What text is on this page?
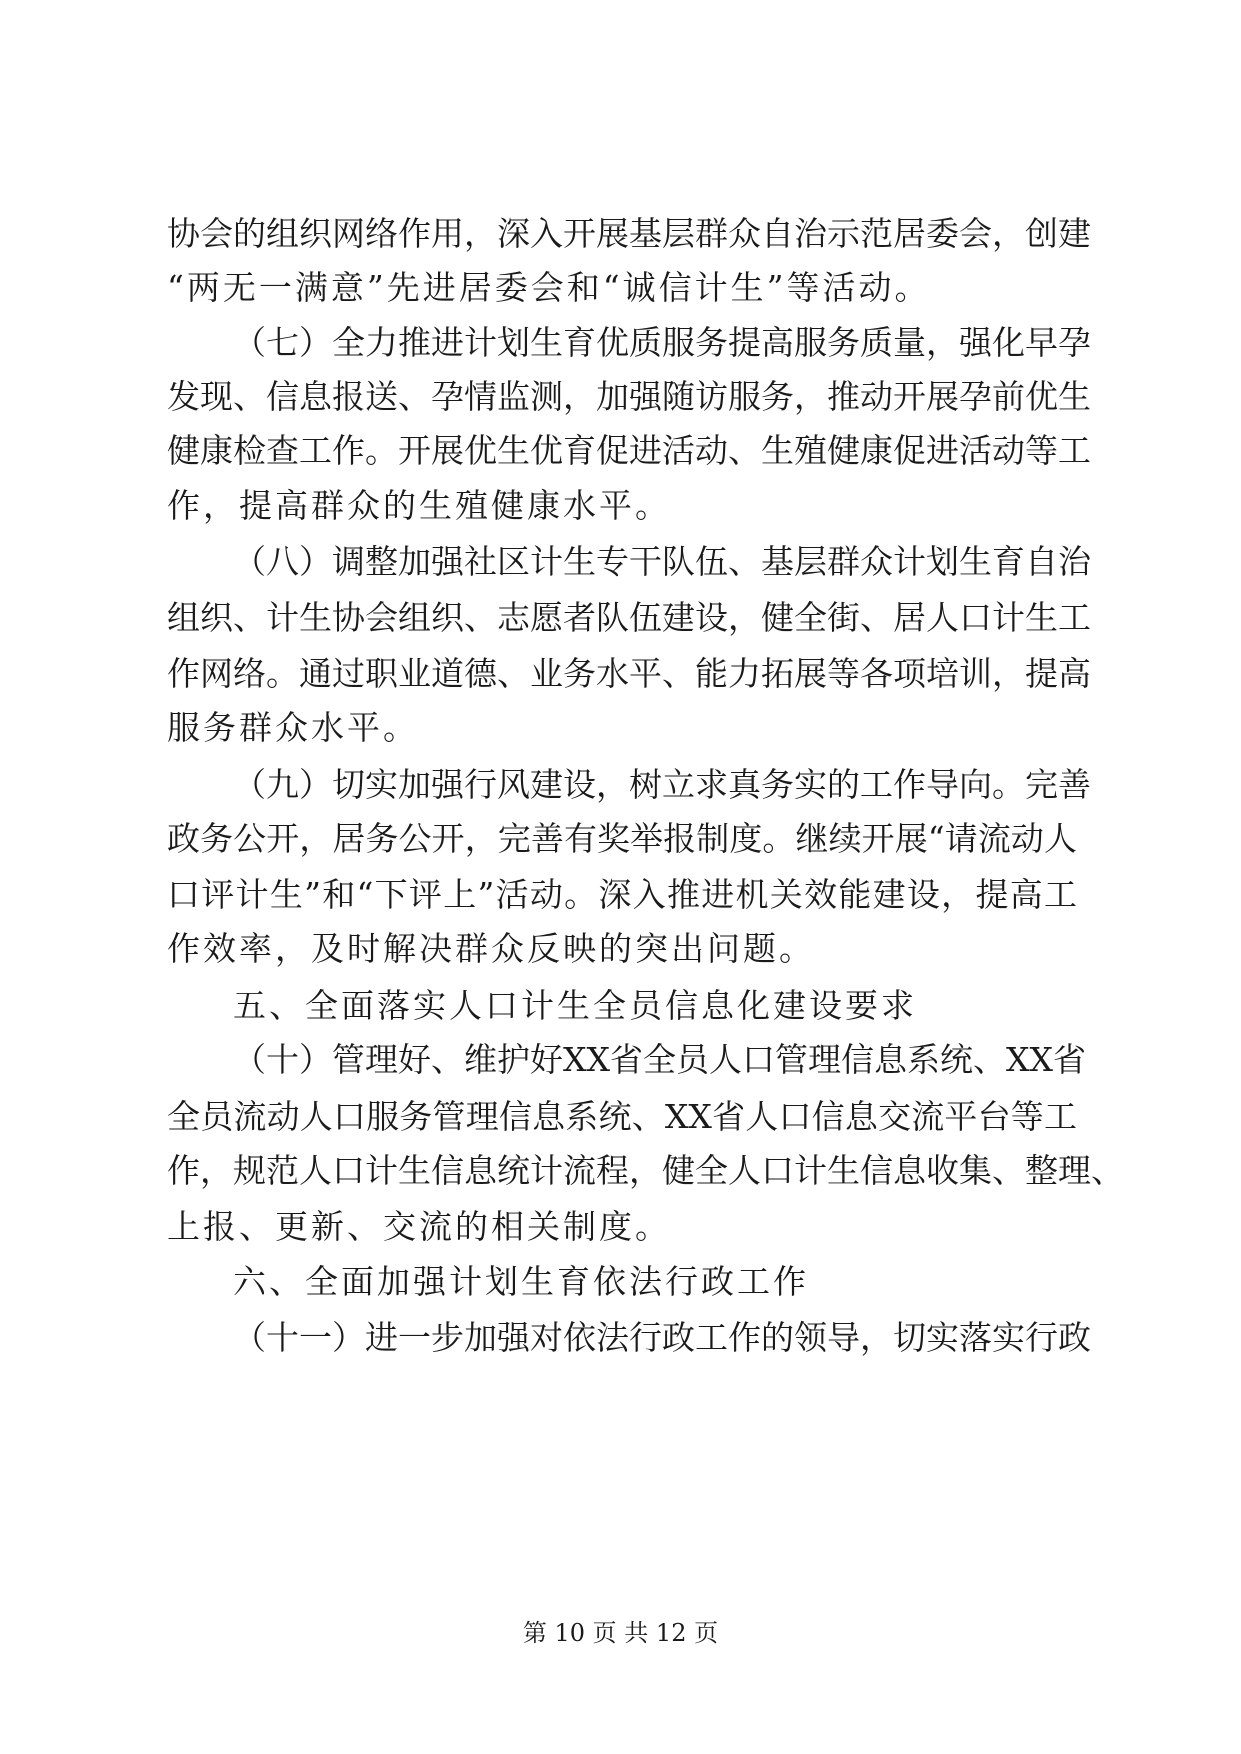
协会的组织网络作用，深入开展基层群众自治示范居委会，创建
“两无一满意”先进居委会和“诚信计生”等活动。
（七）全力推进计划生育优质服务提高服务质量，强化早孕
发现、信息报送、孕情监测，加强随访服务，推动开展孕前优生
健康检查工作。开展优生优育促进活动、生殖健康促进活动等工
作，提高群众的生殖健康水平。
（八）调整加强社区计生专干队伍、基层群众计划生育自治
组织、计生协会组织、志愿者队伍建设，健全街、居人口计生工
作网络。通过职业道德、业务水平、能力拓展等各项培训，提高
服务群众水平。
（九）切实加强行风建设，树立求真务实的工作导向。完善
政务公开，居务公开，完善有奖举报制度。继续开展“请流动人
口评计生”和“下评上”活动。深入推进机关效能建设，提高工
作效率，及时解决群众反映的突出问题。
五、全面落实人口计生全员信息化建设要求
（十）管理好、维护好XX省全员人口管理信息系统、XX省
全员流动人口服务管理信息系统、XX省人口信息交流平台等工
作，规范人口计生信息统计流程，健全人口计生信息收集、整理、
上报、更新、交流的相关制度。
六、全面加强计划生育依法行政工作
（十一）进一步加强对依法行政工作的领导，切实落实行政
第 10 页 共 12 页
